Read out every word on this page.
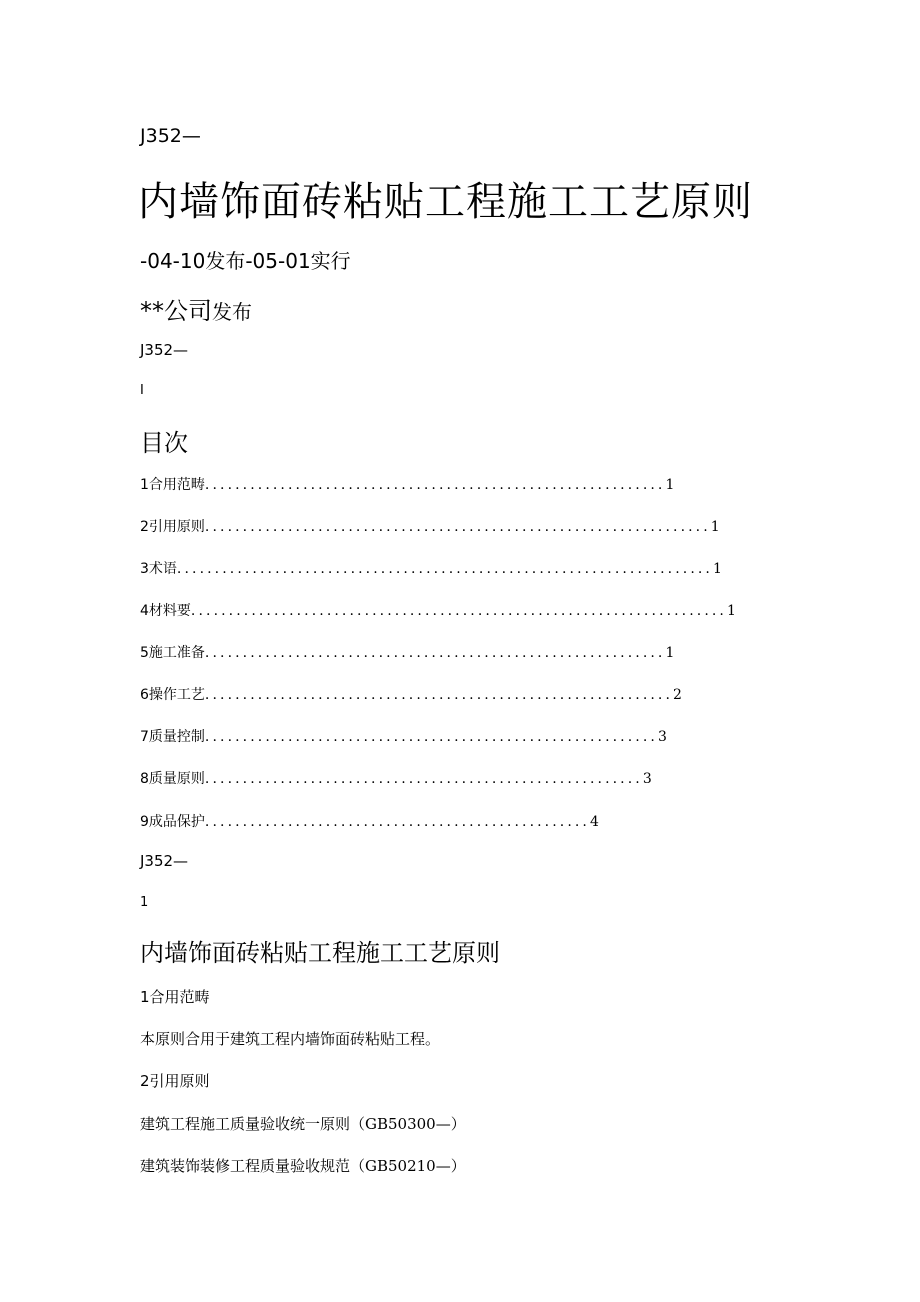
J352—
内墙饰面砖粘贴工程施工工艺原则
-04-10发布-05-01实行
**公司发布
J352—
I
目次
1合用范畴.............................................................1
2引用原则...................................................................1
3术语.......................................................................1
4材料要.......................................................................1
5施工准备.............................................................1
6操作工艺..............................................................2
7质量控制............................................................3
8质量原则..........................................................3
9成品保护...................................................4
J352—
1
内墙饰面砖粘贴工程施工工艺原则
1合用范畴
本原则合用于建筑工程内墙饰面砖粘贴工程。
2引用原则
建筑工程施工质量验收统一原则（GB50300—）
建筑装饰装修工程质量验收规范（GB50210—）
